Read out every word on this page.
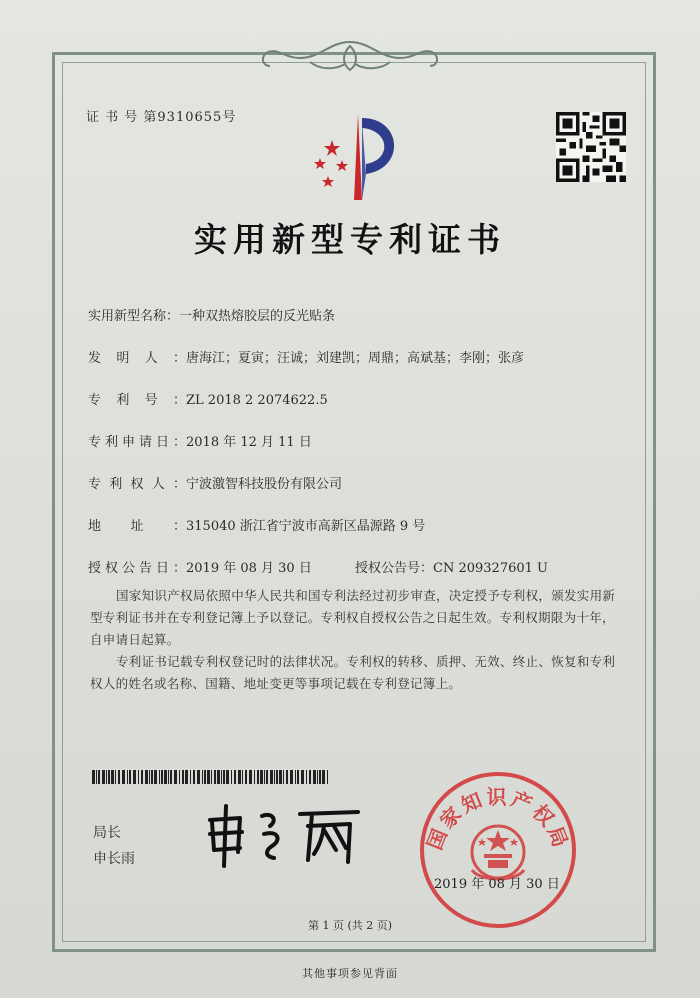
证 书 号 第9310655号
实用新型专利证书
实用新型名称：一种双热熔胶层的反光贴条
发明人：唐海江；夏寅；汪诚；刘建凯；周鼎；高斌基；李刚；张彦
专利号：ZL 2018 2 2074622.5
专利申请日：2018 年 12 月 11 日
专利权人：宁波激智科技股份有限公司
地址：315040 浙江省宁波市高新区晶源路 9 号
授权公告日：2019 年 08 月 30 日	授权公告号：CN 209327601 U
国家知识产权局依照中华人民共和国专利法经过初步审查，决定授予专利权，颁发实用新型专利证书并在专利登记簿上予以登记。专利权自授权公告之日起生效。专利权期限为十年，自申请日起算。
专利证书记载专利权登记时的法律状况。专利权的转移、质押、无效、终止、恢复和专利权人的姓名或名称、国籍、地址变更等事项记载在专利登记簿上。
局长
申长雨
国家知识产权局
2019 年 08 月 30 日
第 1 页 (共 2 页)
其他事项参见背面
